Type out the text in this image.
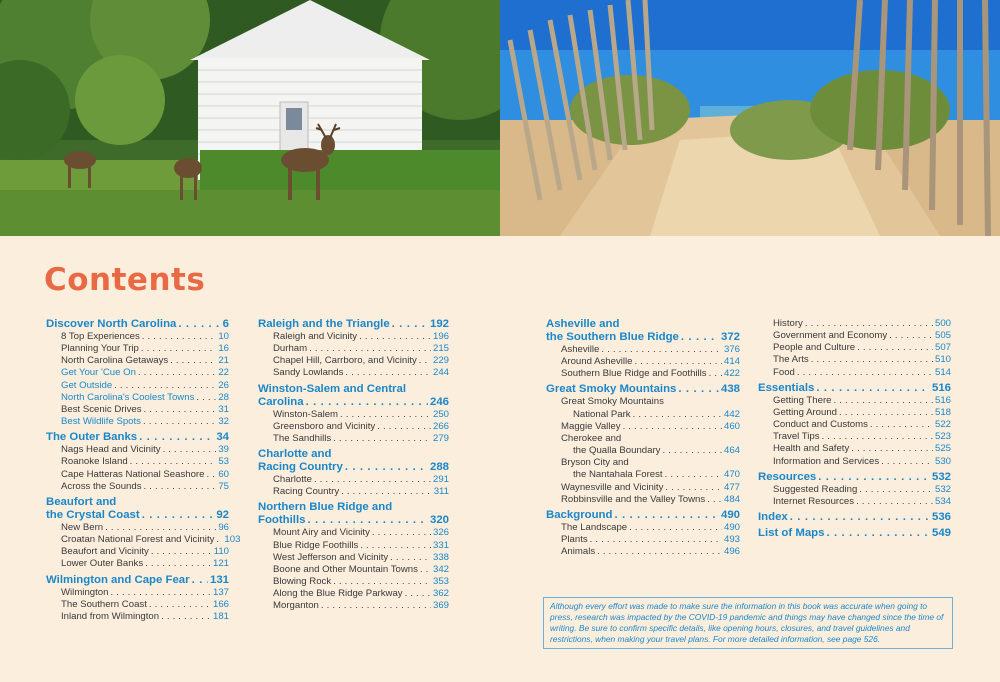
Contents
Discover North Carolina . . .	6
8 Top Experiences . . .	10
Planning Your Trip . . .	16
North Carolina Getaways . . .	21
Get Your 'Cue On . . .	22
Get Outside . . .	26
North Carolina's Coolest Towns . . . 28
Best Scenic Drives . . .	31
Best Wildlife Spots . . .	32
The Outer Banks . . .	34
Nags Head and Vicinity . . .	39
Roanoke Island . . .	53
Cape Hatteras National Seashore . . . 60
Across the Sounds . . .	75
Beaufort and
the Crystal Coast . . .	92
New Bern . . .	96
Croatan National Forest and Vicinity . . . 103
Beaufort and Vicinity . . .	110
Lower Outer Banks . . .	121
Wilmington and Cape Fear . . . 131
Wilmington . . .	137
The Southern Coast . . .	166
Inland from Wilmington . . .	181
Raleigh and the Triangle . . .	192
Raleigh and Vicinity . . .	196
Durham . . .	215
Chapel Hill, Carrboro, and Vicinity . . . 229
Sandy Lowlands . . .	244
Winston-Salem and Central
Carolina . . .	246
Winston-Salem . . .	250
Greensboro and Vicinity . . .	266
The Sandhills . . .	279
Charlotte and
Racing Country . . .	288
Charlotte . . .	291
Racing Country . . .	311
Northern Blue Ridge and
Foothills . . .	320
Mount Airy and Vicinity . . .	326
Blue Ridge Foothills . . .	331
West Jefferson and Vicinity . . .	338
Boone and Other Mountain Towns . . . 342
Blowing Rock . . .	353
Along the Blue Ridge Parkway . . .	362
Morganton . . .	369
Asheville and
the Southern Blue Ridge . . .	372
Asheville . . .	376
Around Asheville . . .	414
Southern Blue Ridge and Foothills . . . 422
Great Smoky Mountains . . .	438
Great Smoky Mountains
National Park . . .	442
Maggie Valley . . .	460
Cherokee and
the Qualla Boundary . . .	464
Bryson City and
the Nantahala Forest . . .	470
Waynesville and Vicinity . . .	477
Robbinsville and the Valley Towns . . . 484
Background . . .	490
The Landscape . . .	490
Plants . . .	493
Animals . . .	496
History . . .	500
Government and Economy . . .	505
People and Culture . . .	507
The Arts . . .	510
Food . . .	514
Essentials . . .	516
Getting There . . .	516
Getting Around . . .	518
Conduct and Customs . . .	522
Travel Tips . . .	523
Health and Safety . . .	525
Information and Services . . .	530
Resources . . .	532
Suggested Reading . . .	532
Internet Resources . . .	534
Index . . .	536
List of Maps . . .	549
Although every effort was made to make sure the information in this book was accurate when going to press, research was impacted by the COVID-19 pandemic and things may have changed since the time of writing. Be sure to confirm specific details, like opening hours, closures, and travel guidelines and restrictions, when making your travel plans. For more detailed information, see page 526.
